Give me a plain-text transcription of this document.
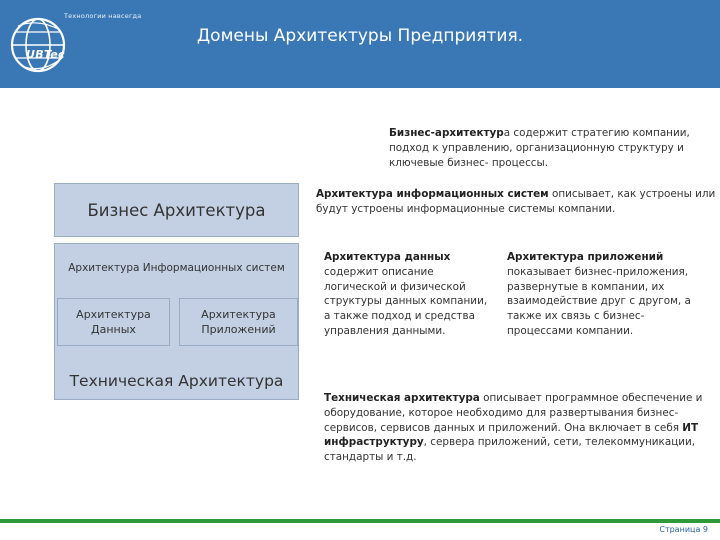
Технологии навсегда
UBTec
Домены Архитектуры Предприятия.
Бизнес Архитектура
Архитектура Информационных систем
Архитектура Данных
Архитектура Приложений
Техническая Архитектура
Бизнес-архитектура содержит стратегию компании, подход к управлению, организационную структуру и ключевые бизнес- процессы.
Архитектура информационных систем описывает, как устроены или будут устроены информационные системы компании.
Архитектура данных содержит описание логической и физической структуры данных компании, а также подход и средства управления данными.
Архитектура приложений показывает бизнес-приложения, развернутые в компании, их взаимодействие друг с другом, а также их связь с бизнес- процессами компании.
Техническая архитектура описывает программное обеспечение и оборудование, которое необходимо для развертывания бизнес-сервисов, сервисов данных и приложений. Она включает в себя ИТ инфраструктуру, сервера приложений, сети, телекоммуникации, стандарты и т.д.
Страница 9
